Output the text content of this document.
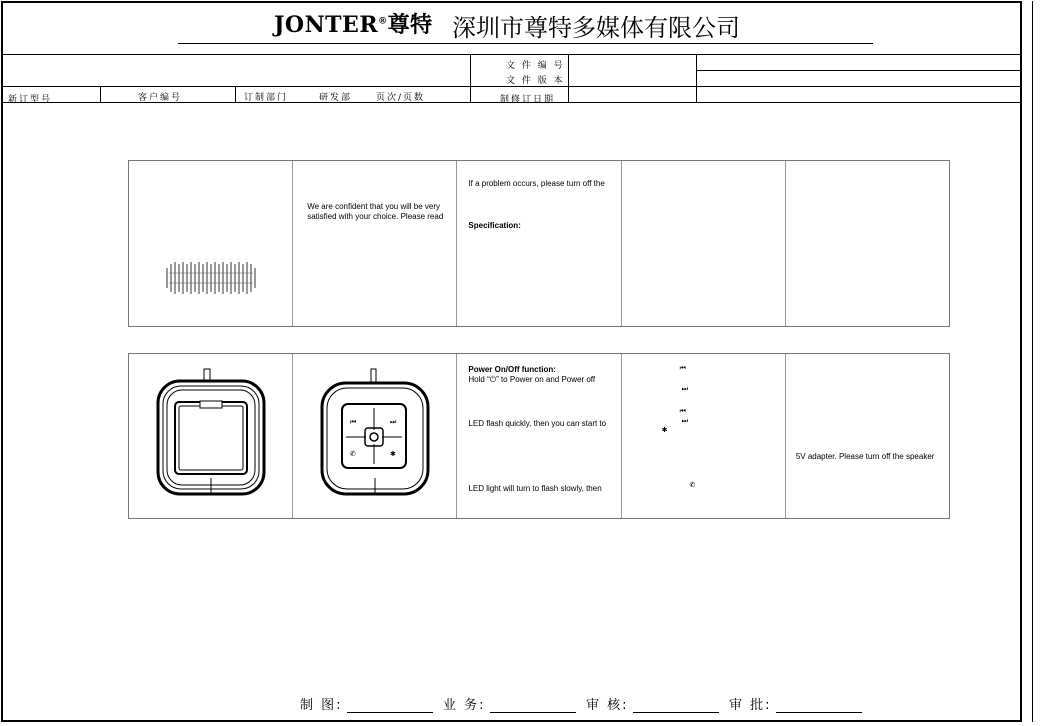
JONTER®尊特 深圳市尊特多媒体有限公司
文 件 编 号
文 件 版 本
新订型号	客户编号	订制部门	研发部	页次/页数	制修订日期
We are confident that you will be very
satisfied with your choice. Please read
If a problem occurs, please turn off the
Specification:
⏮	⏭
✆	✱
Power On/Off function:
Hold “⏻” to Power on and Power off
LED flash quickly, then you can start to
LED light will turn to flash slowly, then
⏮
⏭
⏮
⏭
✱
✆
5V adapter. Please turn off the speaker
制 图:	业 务:	审 核:	审 批:
